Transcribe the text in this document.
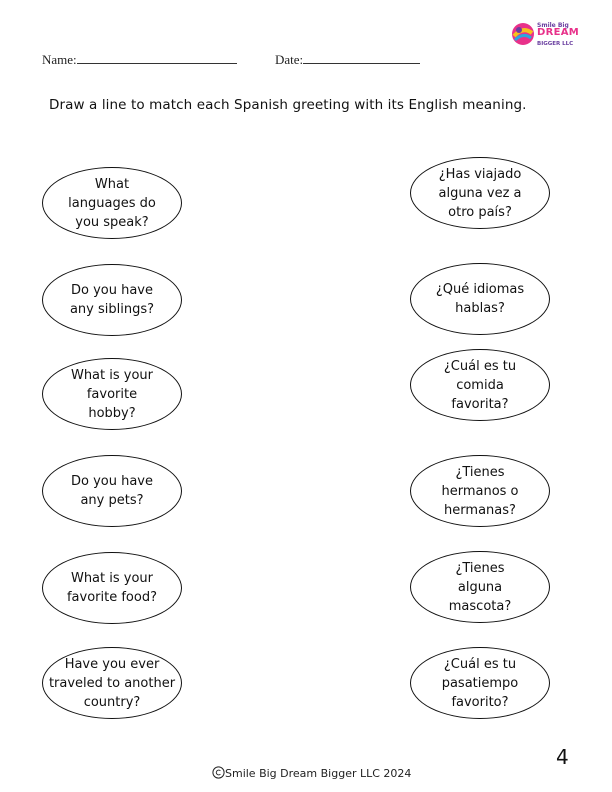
Smile Big
DREAM
BIGGER LLC
Name:	Date:
Draw a line to match each Spanish greeting with its English meaning.
What
languages do
you speak?
Do you have
any siblings?
What is your
favorite
hobby?
Do you have
any pets?
What is your
favorite food?
Have you ever
traveled to another
country?
¿Has viajado
alguna vez a
otro país?
¿Qué idiomas
hablas?
¿Cuál es tu
comida
favorita?
¿Tienes
hermanos o
hermanas?
¿Tienes
alguna
mascota?
¿Cuál es tu
pasatiempo
favorito?
4
Smile Big Dream Bigger LLC 2024
